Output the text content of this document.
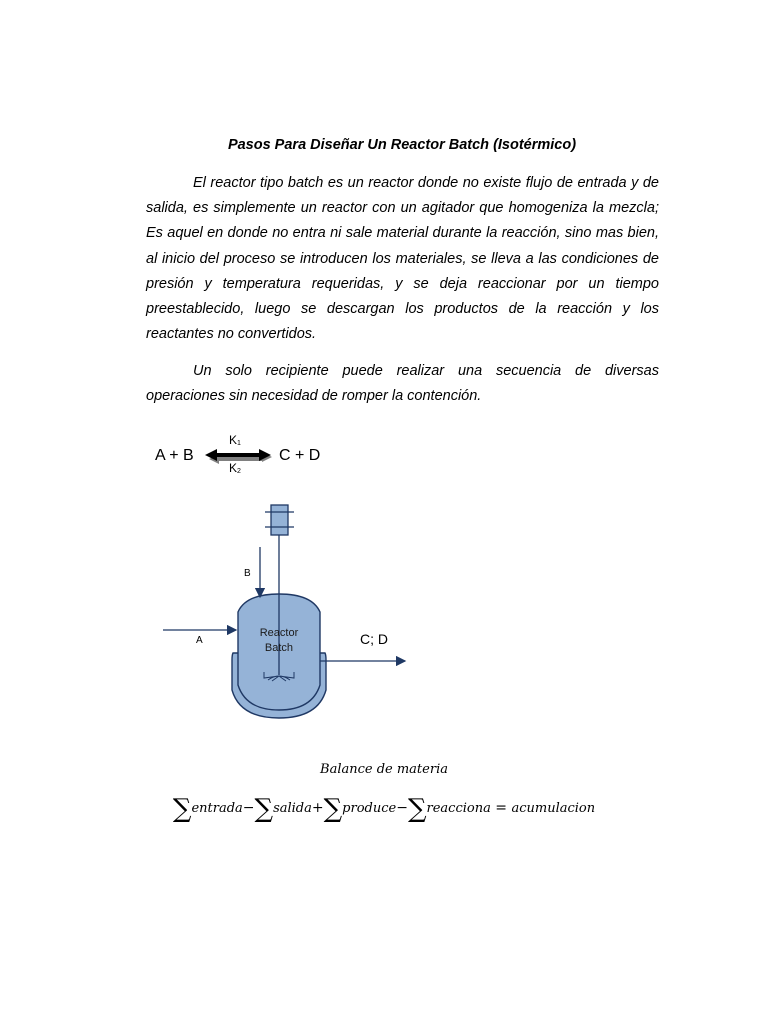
Pasos Para Diseñar Un Reactor Batch (Isotérmico)

El reactor tipo batch es un reactor donde no existe flujo de entrada y de salida, es simplemente un reactor con un agitador que homogeniza la mezcla; Es aquel en donde no entra ni sale material durante la reacción, sino mas bien, al inicio del proceso se introducen los materiales, se lleva a las condiciones de presión y temperatura requeridas, y se deja reaccionar por un tiempo preestablecido, luego se descargan los productos de la reacción y los reactantes no convertidos.

Un solo recipiente puede realizar una secuencia de diversas operaciones sin necesidad de romper la contención.

A + B	C + D
K1
K2
Reactor
Batch
B
A	C; D
Balance de materia
∑entrada−∑salida+∑produce−∑reacciona = acumulacion
